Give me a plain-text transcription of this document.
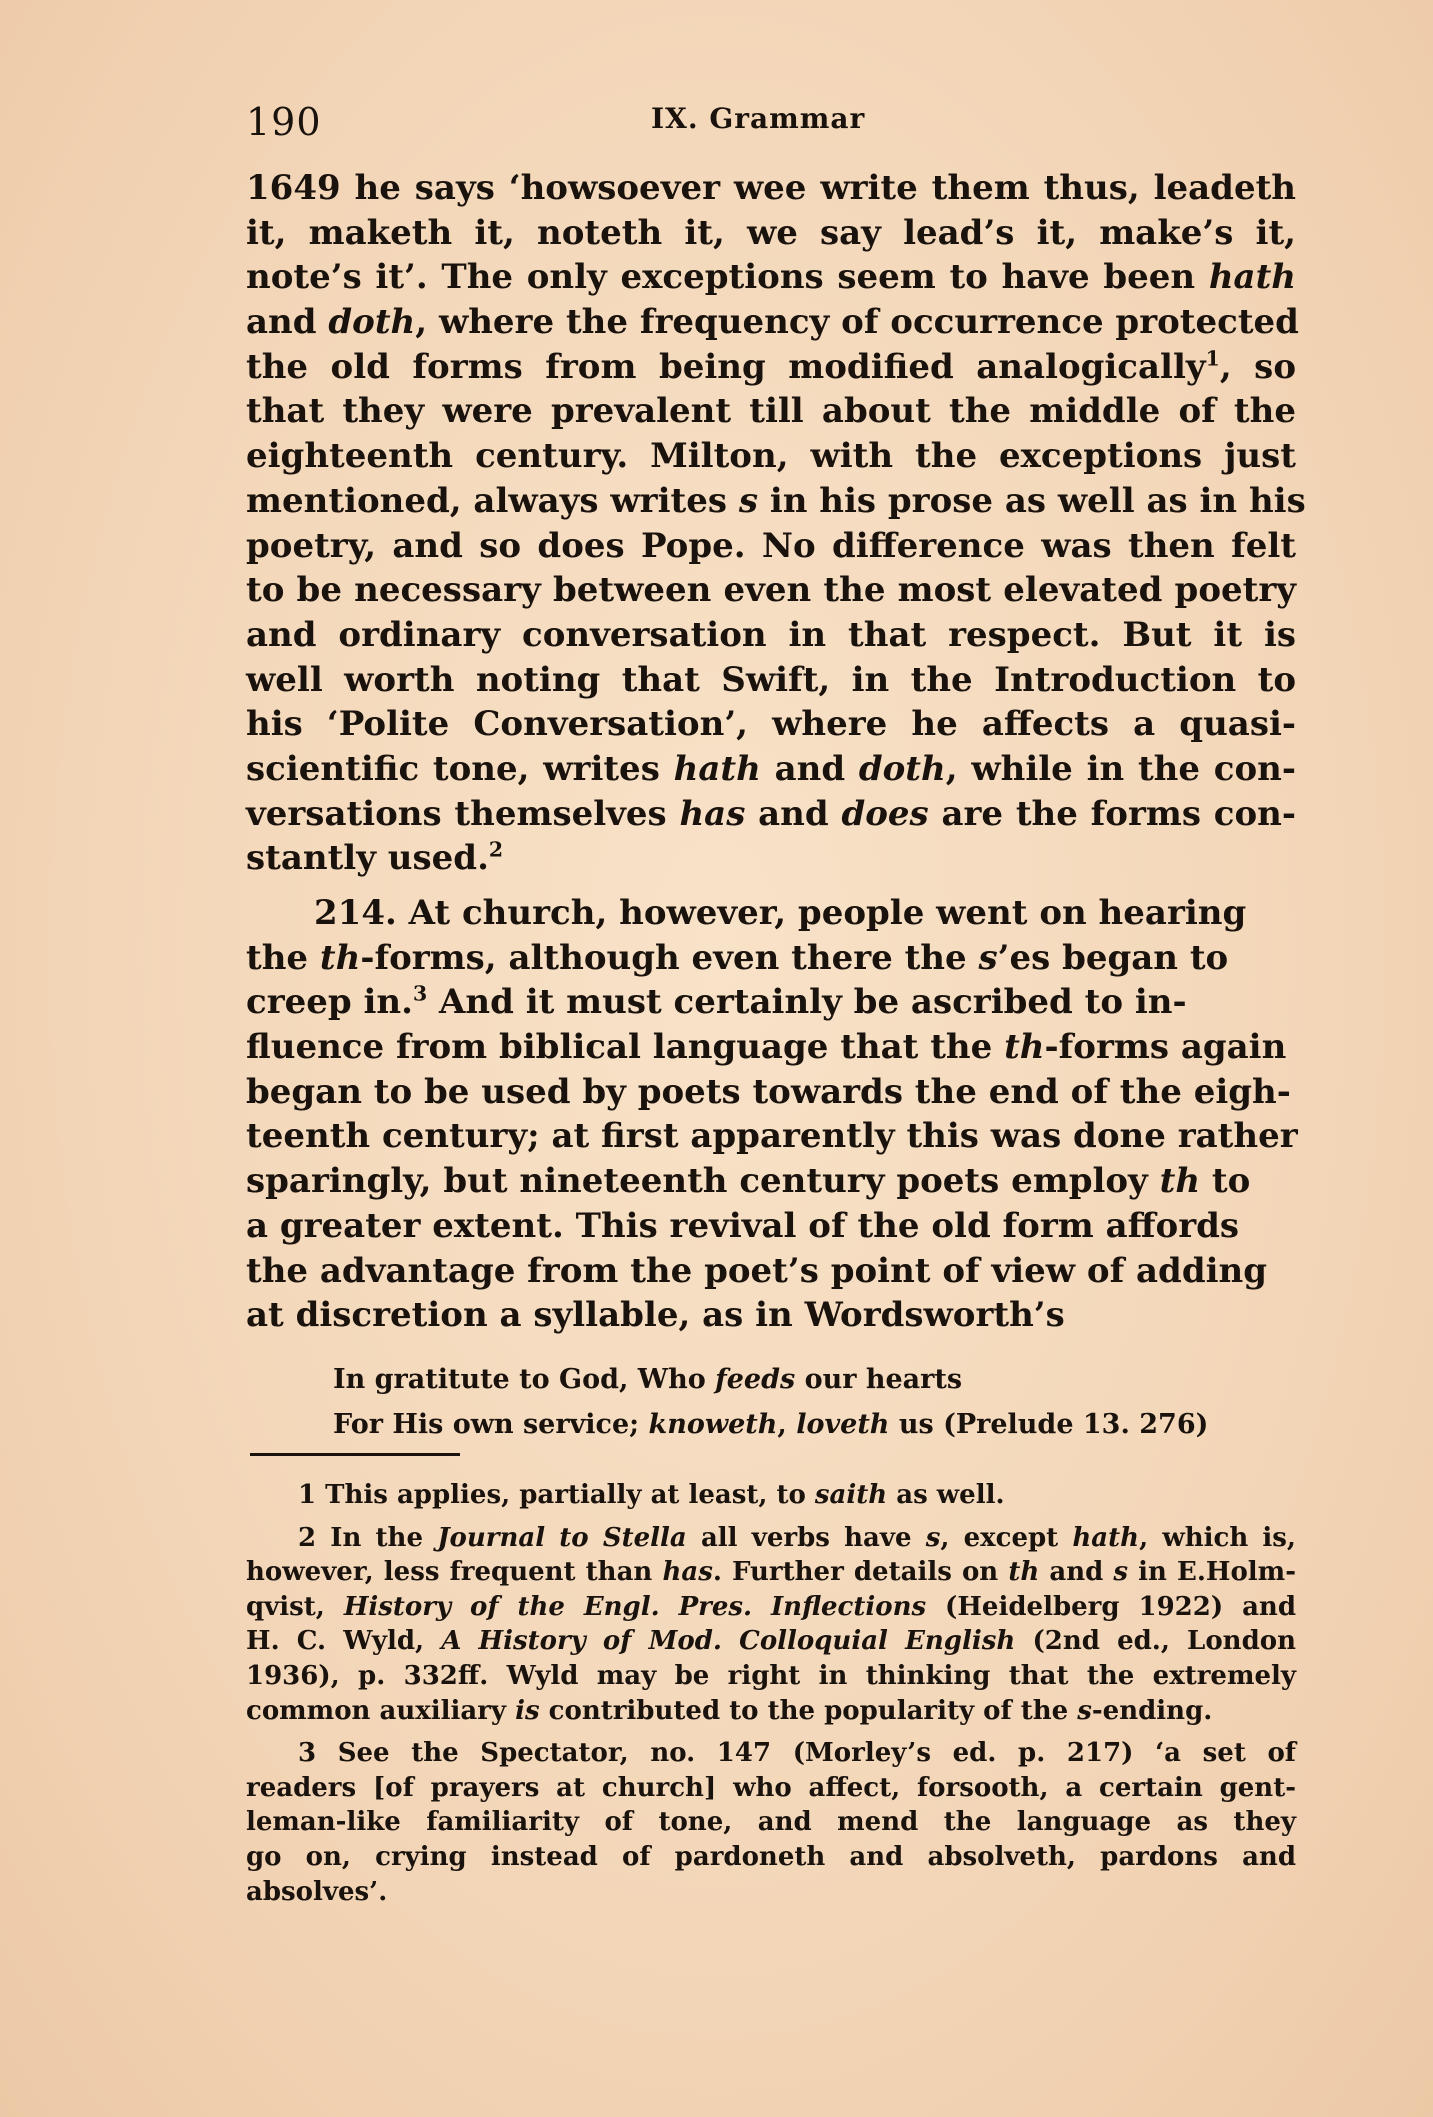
190	IX. Grammar
1649 he says ‘howsoever wee write them thus, leadeth
it, maketh it, noteth it, we say lead’s it, make’s it,
note’s it’. The only exceptions seem to have been hath
and doth, where the frequency of occurrence protected
the old forms from being modified analogically$^1$, so
that they were prevalent till about the middle of the
eighteenth century. Milton, with the exceptions just
mentioned, always writes s in his prose as well as in his
poetry, and so does Pope. No difference was then felt
to be necessary between even the most elevated poetry
and ordinary conversation in that respect. But it is
well worth noting that Swift, in the Introduction to
his ‘Polite Conversation’, where he affects a quasi-
scientific tone, writes hath and doth, while in the con-
versations themselves has and does are the forms con-
stantly used.$^2$
  214. At church, however, people went on hearing
the th-forms, although even there the s’es began to
creep in.$^3$ And it must certainly be ascribed to in-
fluence from biblical language that the th-forms again
began to be used by poets towards the end of the eigh-
teenth century; at first apparently this was done rather
sparingly, but nineteenth century poets employ th to
a greater extent. This revival of the old form affords
the advantage from the poet’s point of view of adding
at discretion a syllable, as in Wordsworth’s
In gratitute to God, Who feeds our hearts
For His own service; knoweth, loveth us (Prelude 13. 276)
  1 This applies, partially at least, to saith as well.
  2 In the Journal to Stella all verbs have s, except hath, which is,
however, less frequent than has. Further details on th and s in E.Holm-
qvist, History of the Engl. Pres. Inflections (Heidelberg 1922) and
H. C. Wyld, A History of Mod. Colloquial English (2nd ed., London
1936), p. 332ff. Wyld may be right in thinking that the extremely
common auxiliary is contributed to the popularity of the s-ending.
  3 See the Spectator, no. 147 (Morley’s ed. p. 217) ‘a set of
readers [of prayers at church] who affect, forsooth, a certain gent-
leman-like familiarity of tone, and mend the language as they
go on, crying instead of pardoneth and absolveth, pardons and
absolves’.
